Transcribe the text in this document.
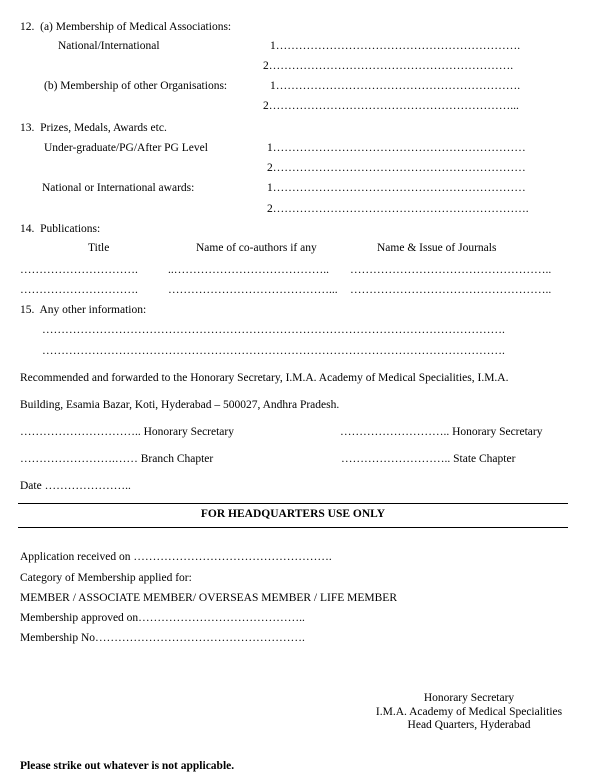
12.  (a) Membership of Medical Associations:
National/International	1……………………………………………………….
2……………………………………………………….
(b) Membership of other Organisations:	1……………………………………………………….
2………………………………………………………...
13.  Prizes, Medals, Awards etc.
Under-graduate/PG/After PG Level	1…………………………………………………………
2…………………………………………………………
National or International awards:	1…………………………………………………………
2………………………………………………………….
14.  Publications:
Title	Name of co-authors if any	Name & Issue of Journals
………………………….	..………………………………….. ……………………………………………..
………………………….	……………………………………... ……………………………………………..
15.  Any other information:
………………………………………………………………………………………………………….
………………………………………………………………………………………………………….
Recommended and forwarded to the Honorary Secretary, I.M.A. Academy of Medical Specialities, I.M.A.
Building, Esamia Bazar, Koti, Hyderabad – 500027, Andhra Pradesh.
………………………….. Honorary Secretary	……………………….. Honorary Secretary
…………………….…… Branch Chapter	……………………….. State Chapter
Date …………………..
FOR HEADQUARTERS USE ONLY
Application received on …………………………………………….
Category of Membership applied for:
MEMBER / ASSOCIATE MEMBER/ OVERSEAS MEMBER / LIFE MEMBER
Membership approved on……………………………………..
Membership No……………………………………………….
Honorary Secretary
I.M.A. Academy of Medical Specialities
Head Quarters, Hyderabad
Please strike out whatever is not applicable.
